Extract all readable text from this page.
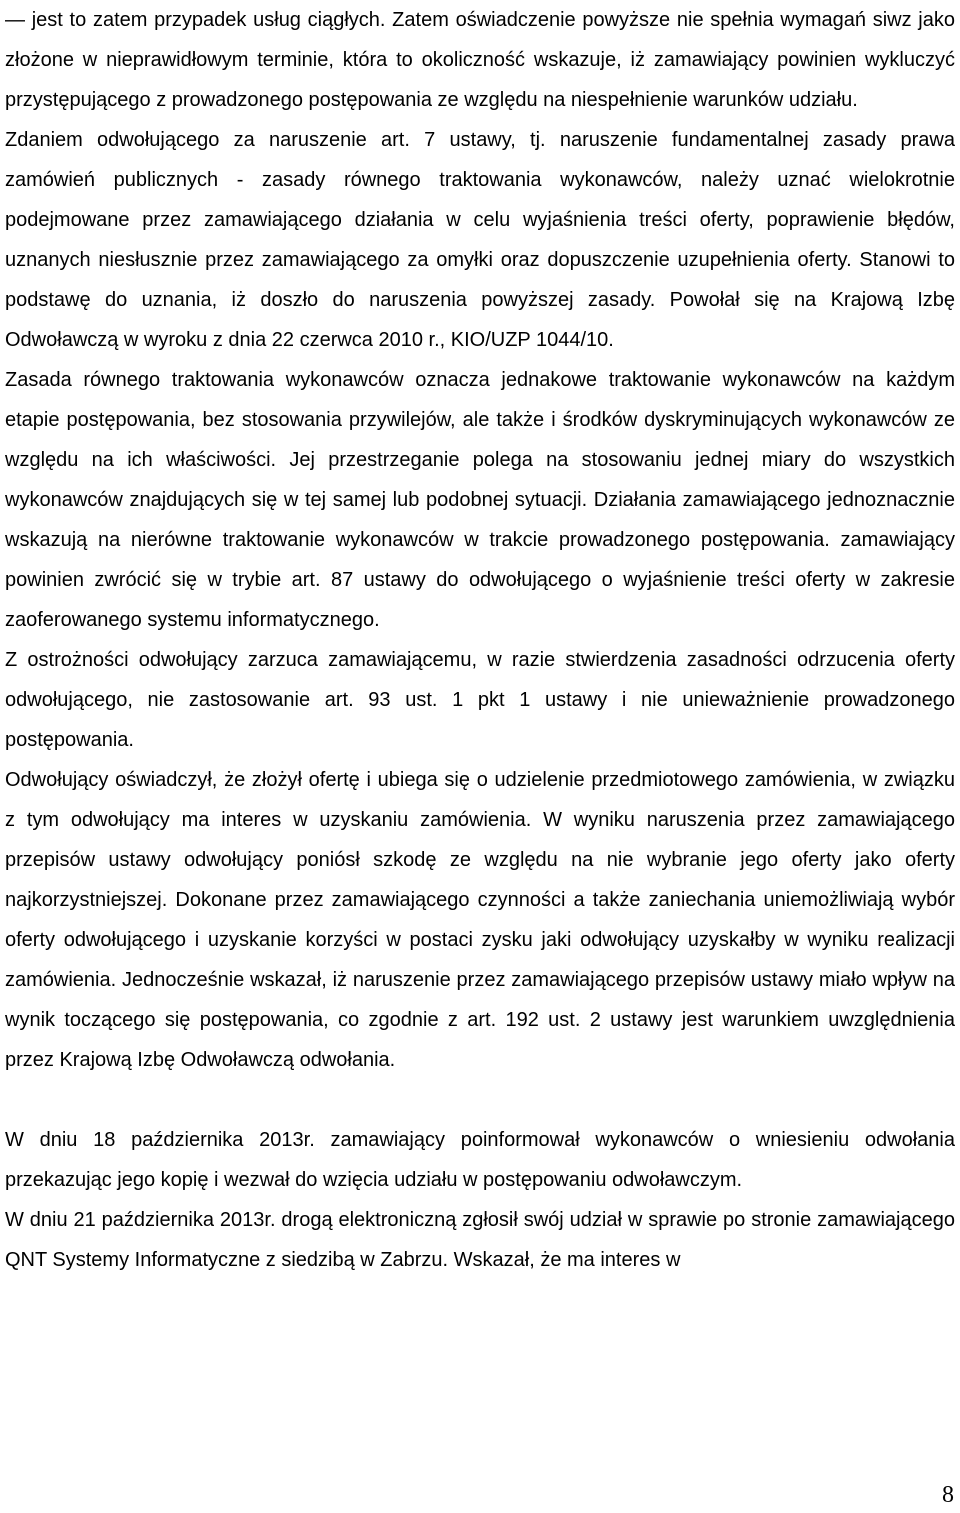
— jest to zatem przypadek usług ciągłych. Zatem oświadczenie powyższe nie spełnia wymagań siwz jako złożone w nieprawidłowym terminie, która to okoliczność wskazuje, iż zamawiający powinien wykluczyć przystępującego z prowadzonego postępowania ze względu na niespełnienie warunków udziału.

Zdaniem odwołującego za naruszenie art. 7 ustawy, tj. naruszenie fundamentalnej zasady prawa zamówień publicznych - zasady równego traktowania wykonawców, należy uznać wielokrotnie podejmowane przez zamawiającego działania w celu wyjaśnienia treści oferty, poprawienie błędów, uznanych niesłusznie przez zamawiającego za omyłki oraz dopuszczenie uzupełnienia oferty. Stanowi to podstawę do uznania, iż doszło do naruszenia powyższej zasady. Powołał się na Krajową Izbę Odwoławczą w wyroku z dnia 22 czerwca 2010 r., KIO/UZP 1044/10.

Zasada równego traktowania wykonawców oznacza jednakowe traktowanie wykonawców na każdym etapie postępowania, bez stosowania przywilejów, ale także i środków dyskryminujących wykonawców ze względu na ich właściwości. Jej przestrzeganie polega na stosowaniu jednej miary do wszystkich wykonawców znajdujących się w tej samej lub podobnej sytuacji. Działania zamawiającego jednoznacznie wskazują na nierówne traktowanie wykonawców w trakcie prowadzonego postępowania. zamawiający powinien zwrócić się w trybie art. 87 ustawy do odwołującego o wyjaśnienie treści oferty w zakresie zaoferowanego systemu informatycznego.

Z ostrożności odwołujący zarzuca zamawiającemu, w razie stwierdzenia zasadności odrzucenia oferty odwołującego, nie zastosowanie art. 93 ust. 1 pkt 1 ustawy i nie unieważnienie prowadzonego postępowania.

Odwołujący oświadczył, że złożył ofertę i ubiega się o udzielenie przedmiotowego zamówienia, w związku z tym odwołujący ma interes w uzyskaniu zamówienia. W wyniku naruszenia przez zamawiającego przepisów ustawy odwołujący poniósł szkodę ze względu na nie wybranie jego oferty jako oferty najkorzystniejszej. Dokonane przez zamawiającego czynności a także zaniechania uniemożliwiają wybór oferty odwołującego i uzyskanie korzyści w postaci zysku jaki odwołujący uzyskałby w wyniku realizacji zamówienia. Jednocześnie wskazał, iż naruszenie przez zamawiającego przepisów ustawy miało wpływ na wynik toczącego się postępowania, co zgodnie z art. 192 ust. 2 ustawy jest warunkiem uwzględnienia przez Krajową Izbę Odwoławczą odwołania.

W dniu 18 października 2013r. zamawiający poinformował wykonawców o wniesieniu odwołania przekazując jego kopię i wezwał do wzięcia udziału w postępowaniu odwoławczym.

W dniu 21 października 2013r. drogą elektroniczną zgłosił swój udział w sprawie po stronie zamawiającego QNT Systemy Informatyczne z siedzibą w Zabrzu. Wskazał, że ma interes w

8
